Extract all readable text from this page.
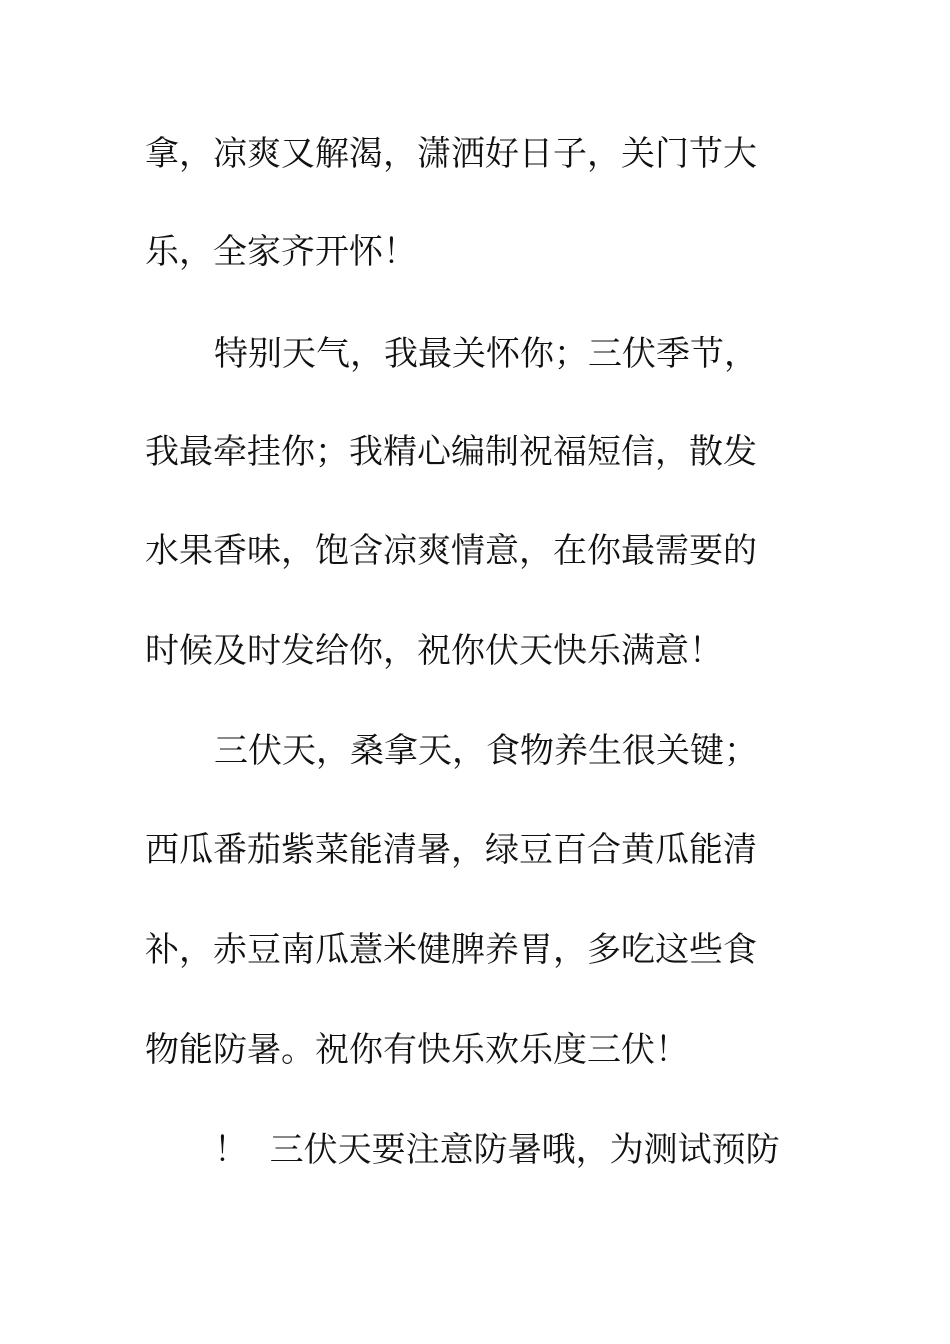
拿，凉爽又解渴，潇洒好日子，关门节大
乐，全家齐开怀！
特别天气，我最关怀你；三伏季节，
我最牵挂你；我精心编制祝福短信，散发
水果香味，饱含凉爽情意，在你最需要的
时候及时发给你，祝你伏天快乐满意！
三伏天，桑拿天，食物养生很关键；
西瓜番茄紫菜能清暑，绿豆百合黄瓜能清
补，赤豆南瓜薏米健脾养胃，多吃这些食
物能防暑。祝你有快乐欢乐度三伏！
！  三伏天要注意防暑哦，为测试预防
